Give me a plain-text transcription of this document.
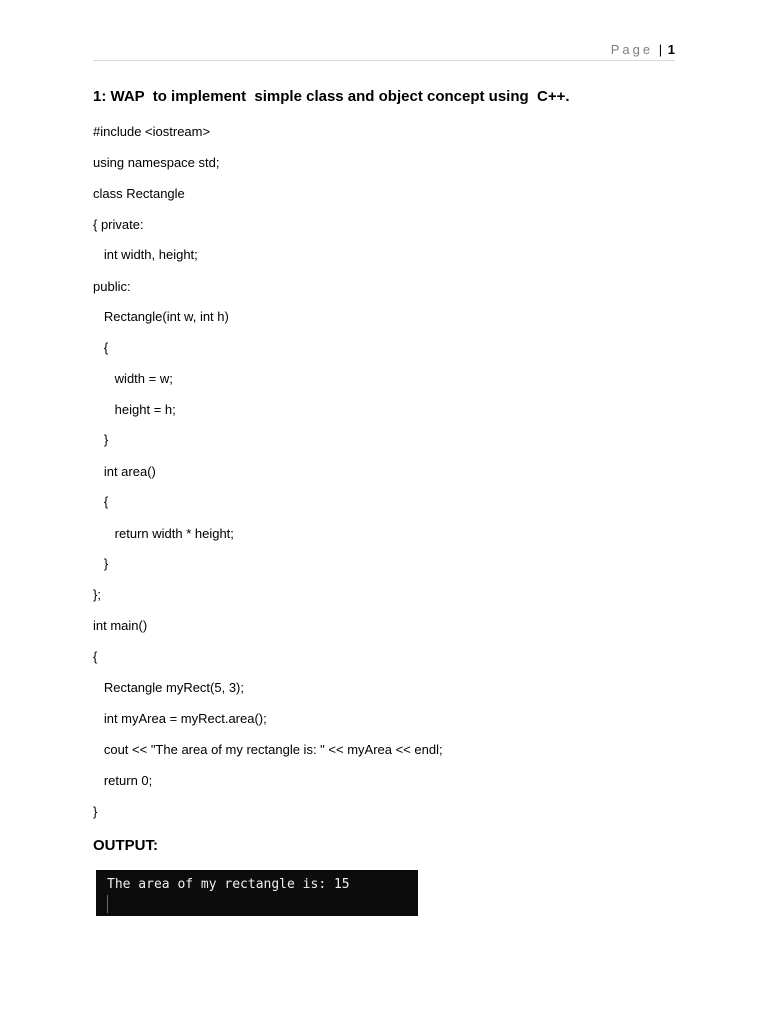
Page | 1
1: WAP  to implement  simple class and object concept using  C++.
#include <iostream>
using namespace std;
class Rectangle
{ private:
int width, height;
public:
Rectangle(int w, int h)
{
width = w;
height = h;
}
int area()
{
return width * height;
}
};
int main()
{
Rectangle myRect(5, 3);
int myArea = myRect.area();
cout << "The area of my rectangle is: " << myArea << endl;
return 0;
}
OUTPUT:
The area of my rectangle is: 15
